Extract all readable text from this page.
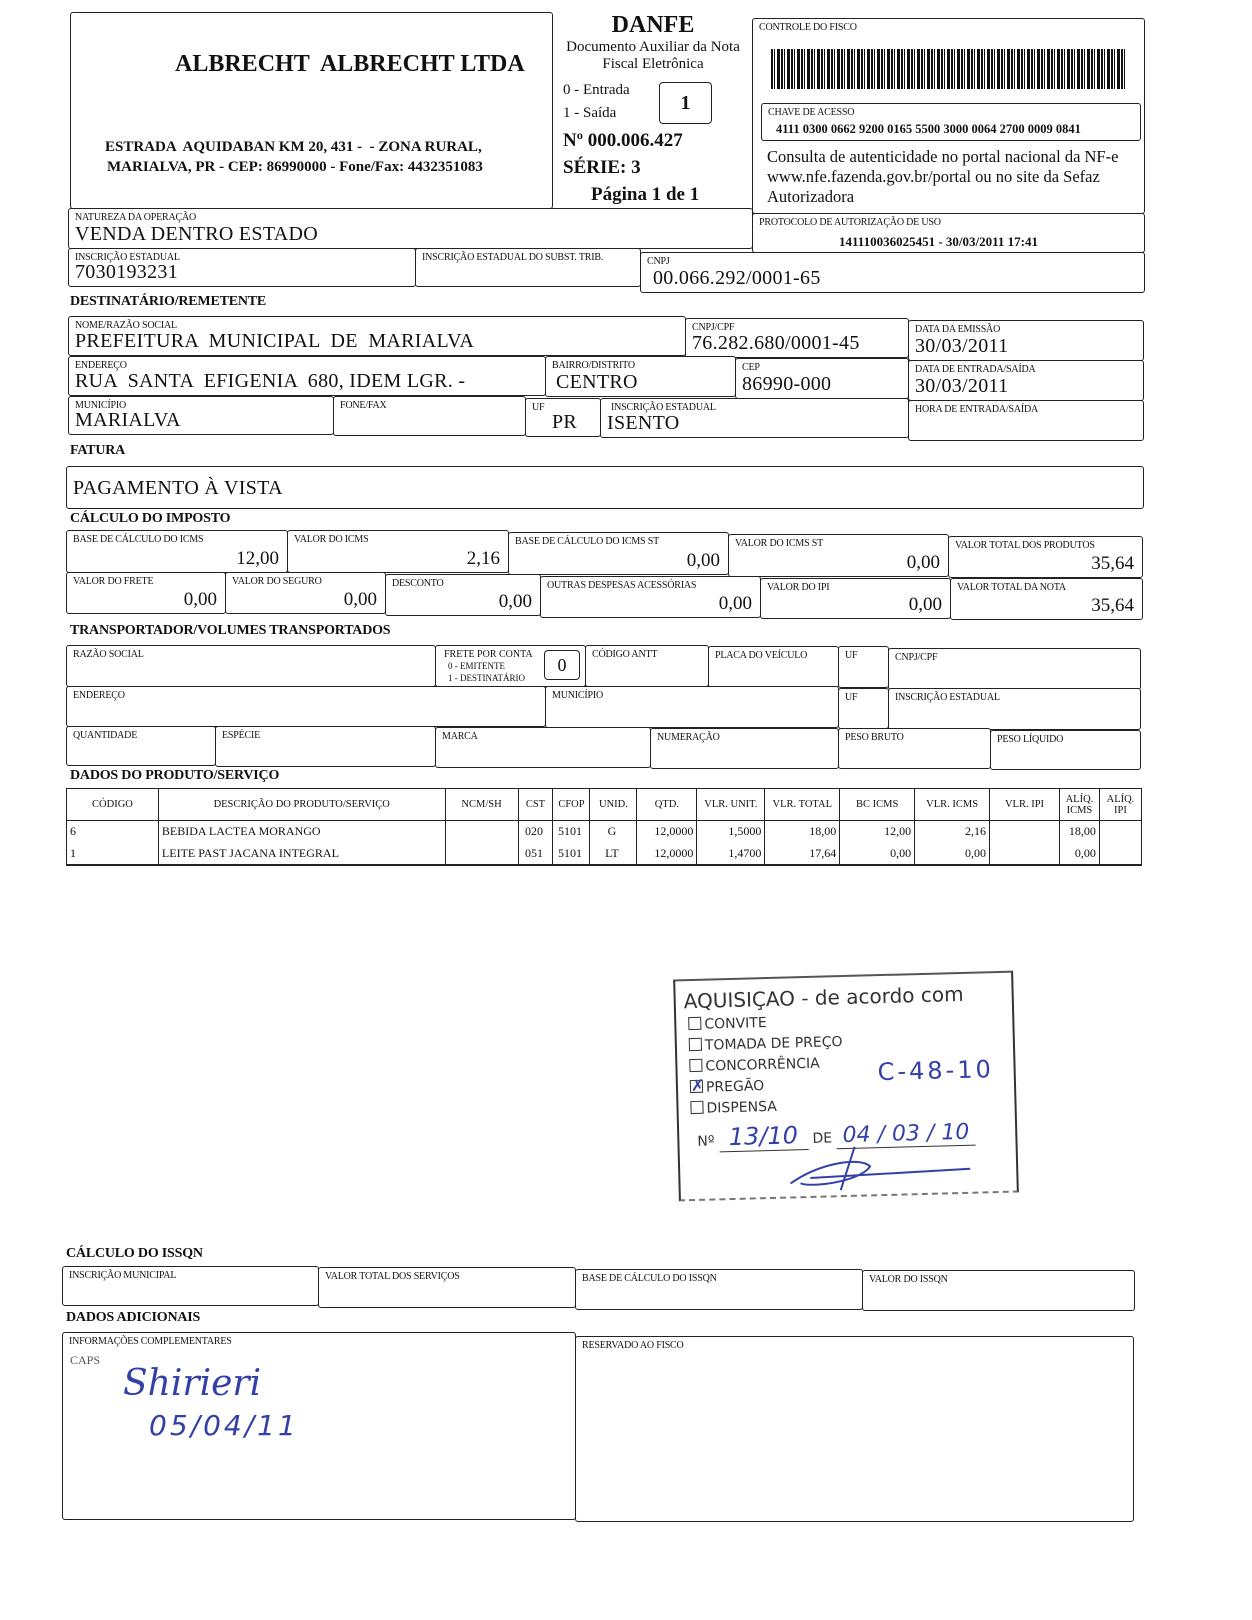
ALBRECHT  ALBRECHT LTDA
ESTRADA  AQUIDABAN KM 20, 431 -  - ZONA RURAL,
MARIALVA, PR - CEP: 86990000 - Fone/Fax: 4432351083
DANFE
Documento Auxiliar da Nota
Fiscal Eletrônica
0 - Entrada
1 - Saída	1
Nº 000.006.427
SÉRIE: 3
Página 1 de 1
CONTROLE DO FISCO
CHAVE DE ACESSO
4111 0300 0662 9200 0165 5500 3000 0064 2700 0009 0841
Consulta de autenticidade no portal nacional da NF-e www.nfe.fazenda.gov.br/portal ou no site da Sefaz Autorizadora
NATUREZA DA OPERAÇÃO
VENDA DENTRO ESTADO
PROTOCOLO DE AUTORIZAÇÃO DE USO
141110036025451 - 30/03/2011 17:41
INSCRIÇÃO ESTADUAL
7030193231
INSCRIÇÃO ESTADUAL DO SUBST. TRIB.	CNPJ
00.066.292/0001-65
DESTINATÁRIO/REMETENTE
NOME/RAZÃO SOCIAL
PREFEITURA  MUNICIPAL  DE  MARIALVA
CNPJ/CPF
76.282.680/0001-45
DATA DA EMISSÃO
30/03/2011
ENDEREÇO
RUA  SANTA  EFIGENIA  680, IDEM LGR. -
BAIRRO/DISTRITO
CENTRO
CEP
86990-000
DATA DE ENTRADA/SAÍDA
30/03/2011
MUNICÍPIO
MARIALVA
FONE/FAX	UF
PR
INSCRIÇÃO ESTADUAL
ISENTO
HORA DE ENTRADA/SAÍDA
FATURA
PAGAMENTO À VISTA
CÁLCULO DO IMPOSTO
BASE DE CÁLCULO DO ICMS
12,00
VALOR DO ICMS
2,16
BASE DE CÁLCULO DO ICMS ST
0,00
VALOR DO ICMS ST
0,00
VALOR TOTAL DOS PRODUTOS
35,64
VALOR DO FRETE
0,00
VALOR DO SEGURO
0,00
DESCONTO
0,00
OUTRAS DESPESAS ACESSÓRIAS
0,00
VALOR DO IPI
0,00
VALOR TOTAL DA NOTA
35,64
TRANSPORTADOR/VOLUMES TRANSPORTADOS
RAZÃO SOCIAL	FRETE POR CONTA
0 - EMITENTE
1 - DESTINATÁRIO
0
CÓDIGO ANTT	PLACA DO VEÍCULO	UF	CNPJ/CPF
ENDEREÇO	MUNICÍPIO	UF	INSCRIÇÃO ESTADUAL
QUANTIDADE	ESPÉCIE	MARCA	NUMERAÇÃO	PESO BRUTO	PESO LÍQUIDO
DADOS DO PRODUTO/SERVIÇO
CÓDIGO	DESCRIÇÃO DO PRODUTO/SERVIÇO	NCM/SH	CST	CFOP	UNID.	QTD.	VLR. UNIT.	VLR. TOTAL	BC ICMS	VLR. ICMS	VLR. IPI	ALÍQ. ICMS	ALÍQ. IPI
6	BEBIDA LACTEA MORANGO		020	5101	G	12,0000	1,5000	18,00	12,00	2,16		18,00	
1	LEITE PAST JACANA INTEGRAL		051	5101	LT	12,0000	1,4700	17,64	0,00	0,00		0,00	
AQUISIÇAO - de acordo com
CONVITE
TOMADA DE PREÇO
CONCORRÊNCIA
✗ PREGÃO
DISPENSA
Nº 13/10 DE 04 / 03 / 10
C-48-10
CÁLCULO DO ISSQN
INSCRIÇÃO MUNICIPAL	VALOR TOTAL DOS SERVIÇOS	BASE DE CÁLCULO DO ISSQN	VALOR DO ISSQN
DADOS ADICIONAIS
INFORMAÇÕES COMPLEMENTARES
CAPS
Shirieri
05/04/11
RESERVADO AO FISCO
